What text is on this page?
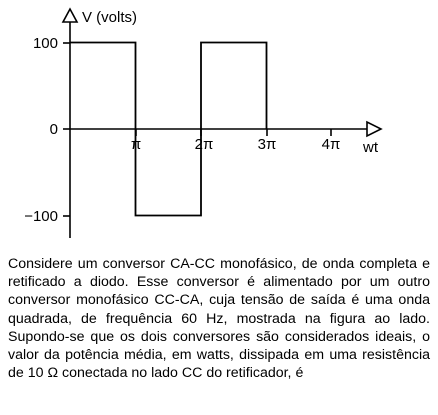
V (volts)
wt
100
0
−100
π	2π	3π	4π

Considere um conversor CA-CC monofásico, de onda completa e retificado a diodo. Esse conversor é alimentado por um outro conversor monofásico CC-CA, cuja tensão de saída é uma onda quadrada, de frequência 60 Hz, mostrada na figura ao lado. Supondo-se que os dois conversores são considerados ideais, o valor da potência média, em watts, dissipada em uma resistência de 10 Ω conectada no lado CC do retificador, é
